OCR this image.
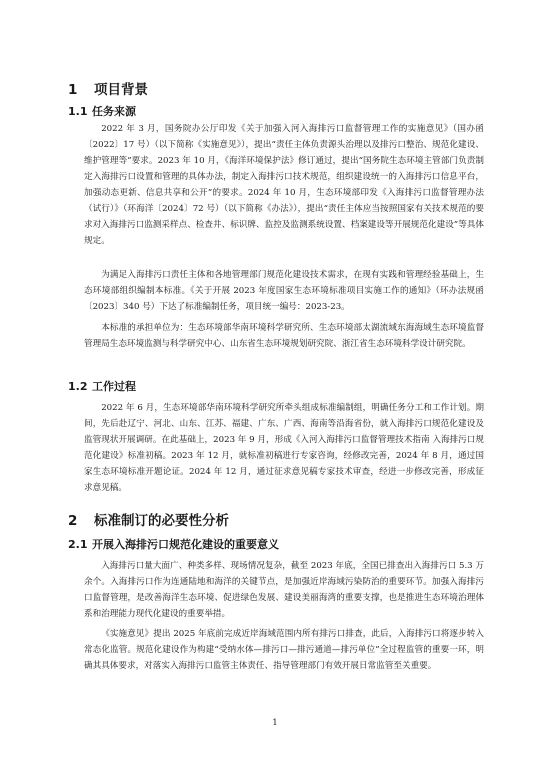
1 项目背景
1.1 任务来源

2022 年 3 月，国务院办公厅印发《关于加强入河入海排污口监督管理工作的实施意见》（国办函〔2022〕17 号）（以下简称《实施意见》），提出“责任主体负责源头治理以及排污口整治、规范化建设、维护管理等”要求。2023 年 10 月，《海洋环境保护法》修订通过，提出“国务院生态环境主管部门负责制定入海排污口设置和管理的具体办法，制定入海排污口技术规范，组织建设统一的入海排污口信息平台，加强动态更新、信息共享和公开”的要求。2024 年 10 月，生态环境部印发《入海排污口监督管理办法（试行）》（环海洋〔2024〕72 号）（以下简称《办法》），提出“责任主体应当按照国家有关技术规范的要求对入海排污口监测采样点、检查井、标识牌、监控及监测系统设置、档案建设等开展规范化建设”等具体规定。

为满足入海排污口责任主体和各地管理部门规范化建设技术需求，在现有实践和管理经验基础上，生态环境部组织编制本标准。《关于开展 2023 年度国家生态环境标准项目实施工作的通知》（环办法规函〔2023〕340 号）下达了标准编制任务，项目统一编号：2023-23。

本标准的承担单位为：生态环境部华南环境科学研究所、生态环境部太湖流域东海海域生态环境监督管理局生态环境监测与科学研究中心、山东省生态环境规划研究院、浙江省生态环境科学设计研究院。

1.2 工作过程

2022 年 6 月，生态环境部华南环境科学研究所牵头组成标准编制组，明确任务分工和工作计划。期间，先后赴辽宁、河北、山东、江苏、福建、广东、广西、海南等沿海省份，就入海排污口规范化建设及监管现状开展调研。在此基础上，2023 年 9 月，形成《入河入海排污口监督管理技术指南 入海排污口规范化建设》标准初稿。2023 年 12 月，就标准初稿进行专家咨询，经修改完善，2024 年 8 月，通过国家生态环境标准开题论证。2024 年 12 月，通过征求意见稿专家技术审查，经进一步修改完善，形成征求意见稿。

2 标准制订的必要性分析
2.1 开展入海排污口规范化建设的重要意义

入海排污口量大面广、种类多样、现场情况复杂，截至 2023 年底，全国已排查出入海排污口 5.3 万余个。入海排污口作为连通陆地和海洋的关键节点，是加强近岸海域污染防治的重要环节。加强入海排污口监督管理，是改善海洋生态环境、促进绿色发展、建设美丽海湾的重要支撑，也是推进生态环境治理体系和治理能力现代化建设的重要举措。

《实施意见》提出 2025 年底前完成近岸海域范围内所有排污口排查，此后，入海排污口将逐步转入常态化监管。规范化建设作为构建“受纳水体—排污口—排污通道—排污单位”全过程监管的重要一环，明确其具体要求，对落实入海排污口监管主体责任、指导管理部门有效开展日常监管至关重要。

1
